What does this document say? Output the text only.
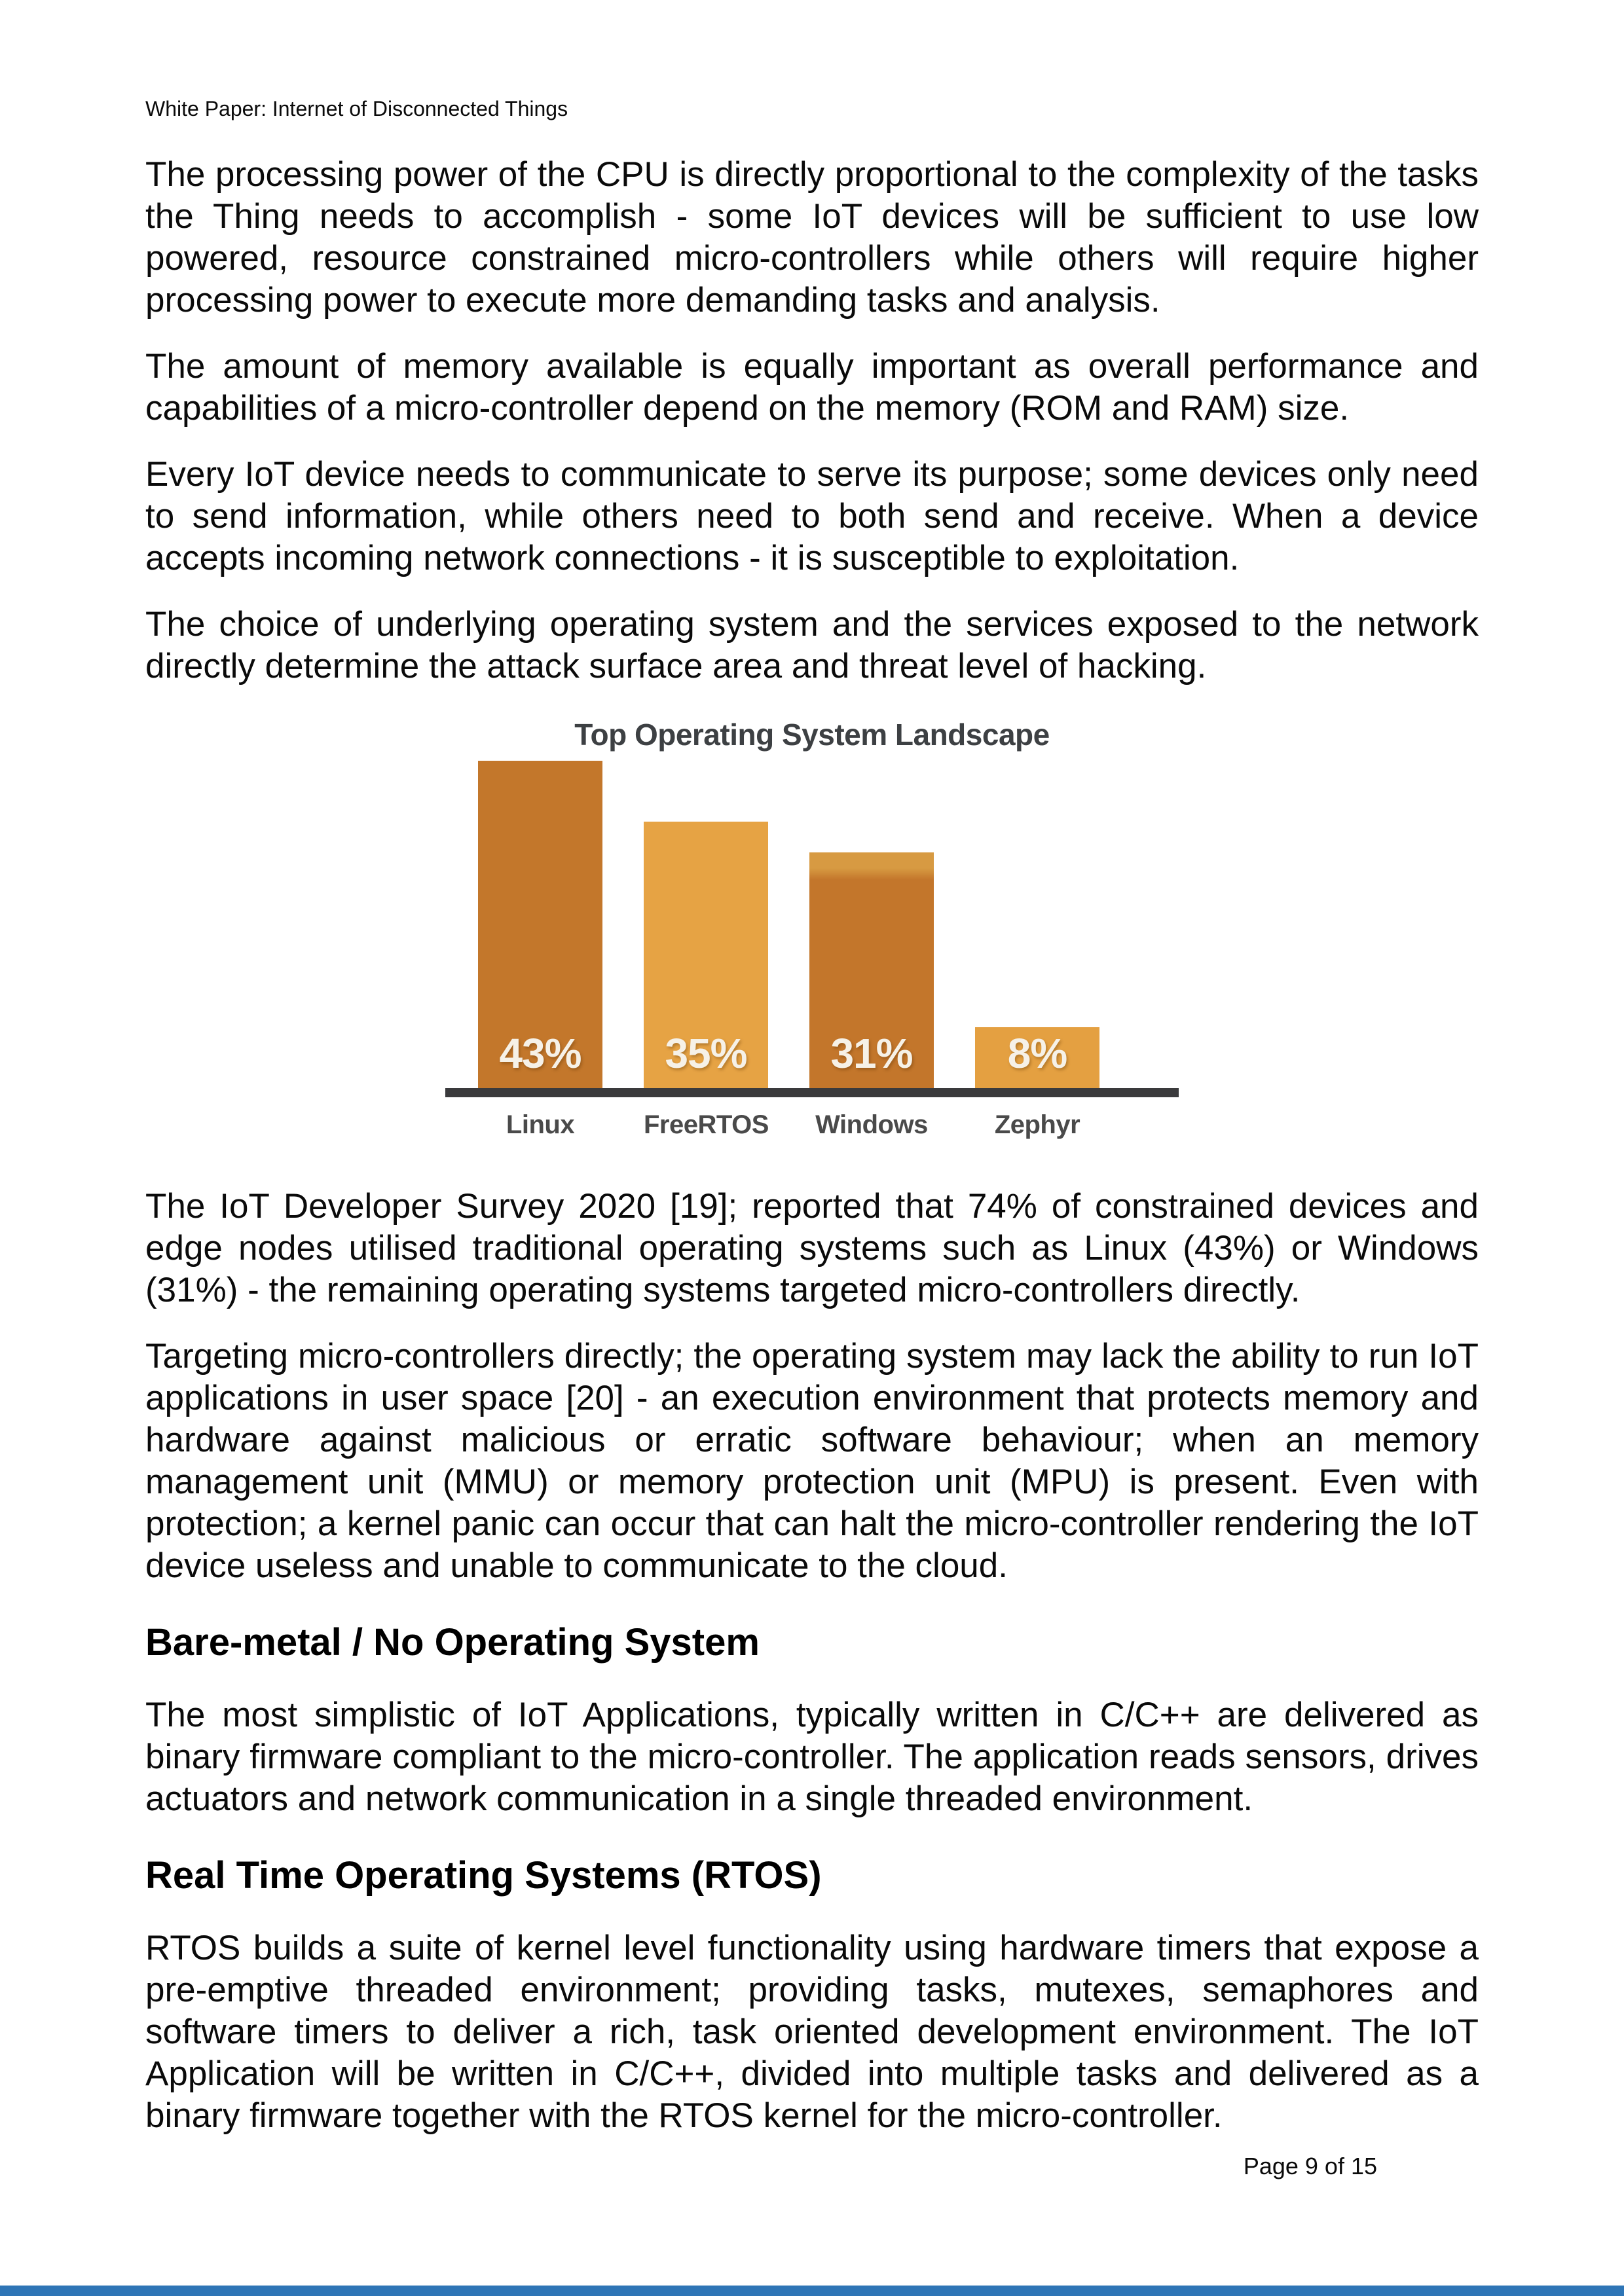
White Paper: Internet of Disconnected Things

The processing power of the CPU is directly proportional to the complexity of the tasks the Thing needs to accomplish - some IoT devices will be sufficient to use low powered, resource constrained micro-controllers while others will require higher processing power to execute more demanding tasks and analysis.

The amount of memory available is equally important as overall performance and capabilities of a micro-controller depend on the memory (ROM and RAM) size.

Every IoT device needs to communicate to serve its purpose; some devices only need to send information, while others need to both send and receive. When a device accepts incoming network connections - it is susceptible to exploitation.

The choice of underlying operating system and the services exposed to the network directly determine the attack surface area and threat level of hacking.

Top Operating System Landscape
43%	35%	31%	8%
Linux	FreeRTOS Windows	Zephyr

The IoT Developer Survey 2020 [19]; reported that 74% of constrained devices and edge nodes utilised traditional operating systems such as Linux (43%) or Windows (31%) - the remaining operating systems targeted micro-controllers directly.

Targeting micro-controllers directly; the operating system may lack the ability to run IoT applications in user space [20] - an execution environment that protects memory and hardware against malicious or erratic software behaviour; when an memory management unit (MMU) or memory protection unit (MPU) is present. Even with protection; a kernel panic can occur that can halt the micro-controller rendering the IoT device useless and unable to communicate to the cloud.

Bare-metal / No Operating System

The most simplistic of IoT Applications, typically written in C/C++ are delivered as binary firmware compliant to the micro-controller. The application reads sensors, drives actuators and network communication in a single threaded environment.

Real Time Operating Systems (RTOS)

RTOS builds a suite of kernel level functionality using hardware timers that expose a pre-emptive threaded environment; providing tasks, mutexes, semaphores and software timers to deliver a rich, task oriented development environment. The IoT Application will be written in C/C++, divided into multiple tasks and delivered as a binary firmware together with the RTOS kernel for the micro-controller.

Page 9 of 15
